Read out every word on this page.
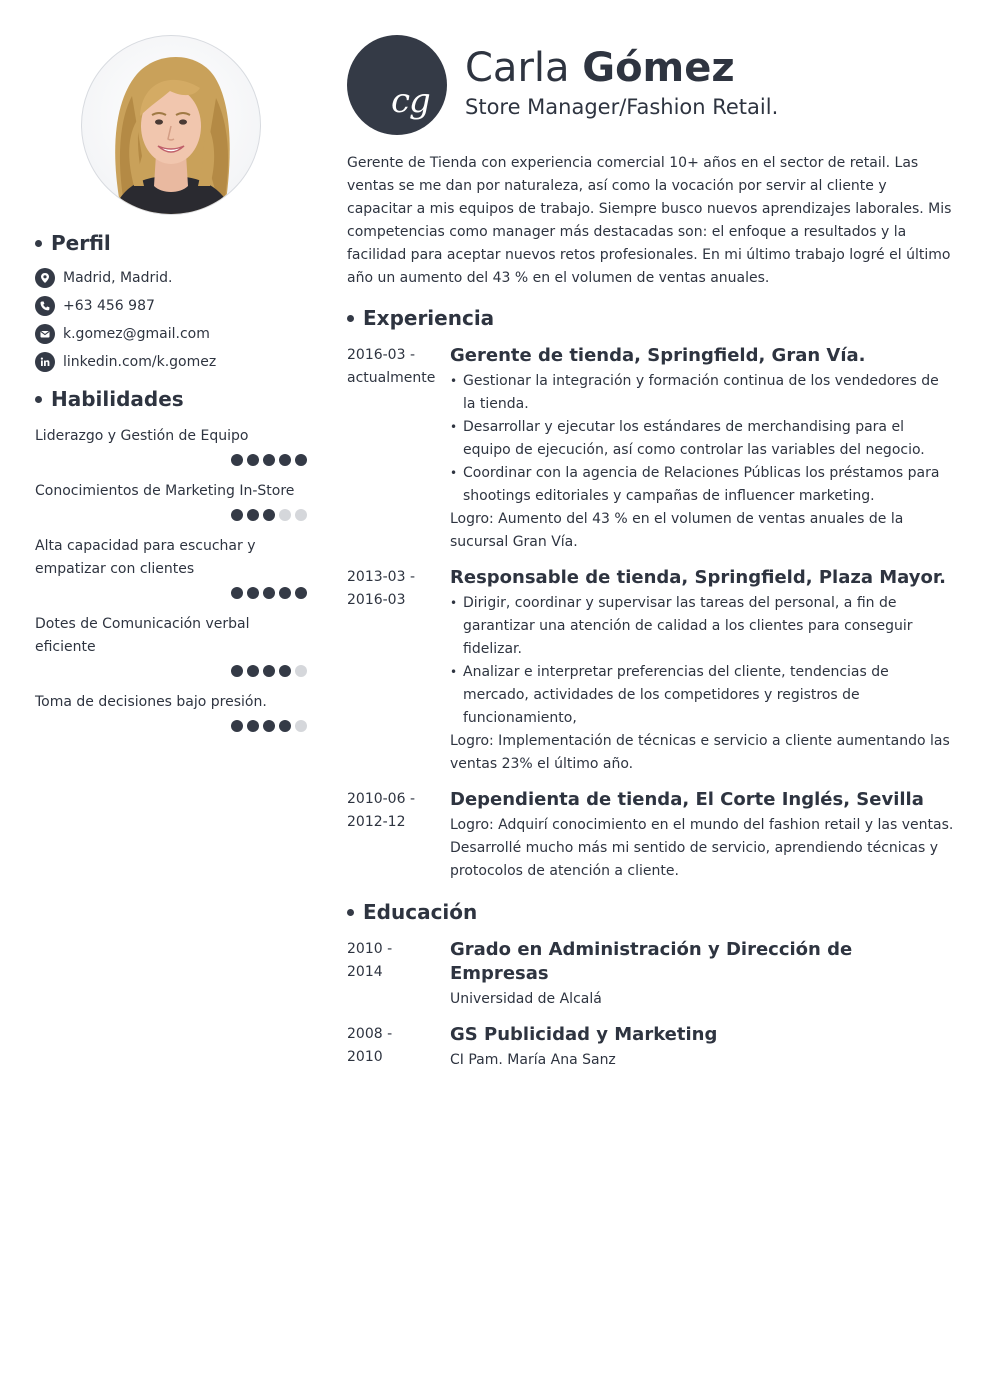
Perfil
Madrid, Madrid.
+63 456 987
k.gomez@gmail.com
linkedin.com/k.gomez
Habilidades
Liderazgo y Gestión de Equipo
Conocimientos de Marketing In-Store
Alta capacidad para escuchar y empatizar con clientes
Dotes de Comunicación verbal eficiente
Toma de decisiones bajo presión.
cg
Carla Gómez
Store Manager/Fashion Retail.
Gerente de Tienda con experiencia comercial 10+ años en el sector de retail. Las ventas se me dan por naturaleza, así como la vocación por servir al cliente y capacitar a mis equipos de trabajo. Siempre busco nuevos aprendizajes laborales. Mis competencias como manager más destacadas son: el enfoque a resultados y la facilidad para aceptar nuevos retos profesionales. En mi último trabajo logré el último año un aumento del 43 % en el volumen de ventas anuales.
Experiencia
2016-03 -
actualmente
Gerente de tienda, Springfield, Gran Vía.
• Gestionar la integración y formación continua de los vendedores de la tienda.
• Desarrollar y ejecutar los estándares de merchandising para el equipo de ejecución, así como controlar las variables del negocio.
• Coordinar con la agencia de Relaciones Públicas los préstamos para shootings editoriales y campañas de influencer marketing.
Logro: Aumento del 43 % en el volumen de ventas anuales de la sucursal Gran Vía.
2013-03 -
2016-03
Responsable de tienda, Springfield, Plaza Mayor.
• Dirigir, coordinar y supervisar las tareas del personal, a fin de garantizar una atención de calidad a los clientes para conseguir fidelizar.
• Analizar e interpretar preferencias del cliente, tendencias de mercado, actividades de los competidores y registros de funcionamiento,
Logro: Implementación de técnicas e servicio a cliente aumentando las ventas 23% el último año.
2010-06 -
2012-12
Dependienta de tienda, El Corte Inglés, Sevilla
Logro: Adquirí conocimiento en el mundo del fashion retail y las ventas. Desarrollé mucho más mi sentido de servicio, aprendiendo técnicas y protocolos de atención a cliente.
Educación
2010 -
2014
Grado en Administración y Dirección de Empresas
Universidad de Alcalá
2008 -
2010
GS Publicidad y Marketing
CI Pam. María Ana Sanz
